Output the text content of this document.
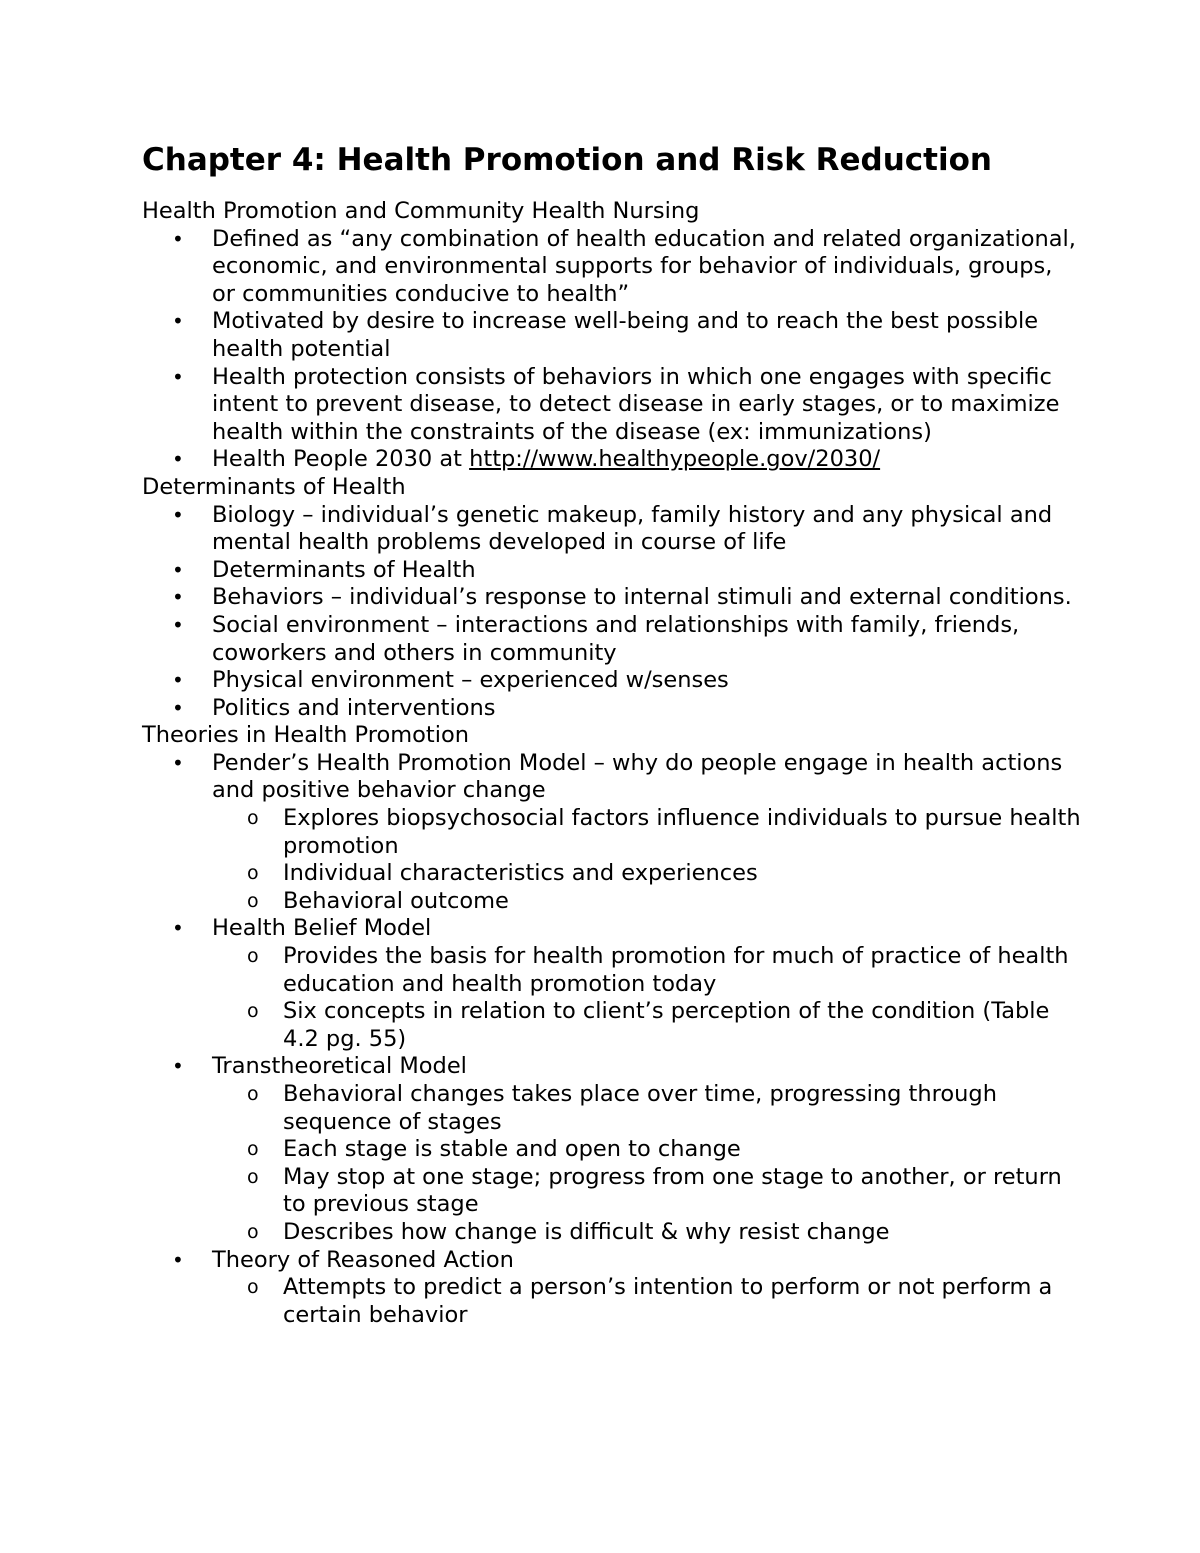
Chapter 4: Health Promotion and Risk Reduction

Health Promotion and Community Health Nursing

• Defined as “any combination of health education and related organizational, economic, and environmental supports for behavior of individuals, groups, or communities conducive to health”
• Motivated by desire to increase well-being and to reach the best possible health potential
• Health protection consists of behaviors in which one engages with specific intent to prevent disease, to detect disease in early stages, or to maximize health within the constraints of the disease (ex: immunizations)
• Health People 2030 at http://www.healthypeople.gov/2030/

Determinants of Health

• Biology – individual’s genetic makeup, family history and any physical and mental health problems developed in course of life
• Determinants of Health
• Behaviors – individual’s response to internal stimuli and external conditions.
• Social environment – interactions and relationships with family, friends, coworkers and others in community
• Physical environment – experienced w/senses
• Politics and interventions

Theories in Health Promotion

• Pender’s Health Promotion Model – why do people engage in health actions and positive behavior change
o Explores biopsychosocial factors influence individuals to pursue health promotion
o Individual characteristics and experiences
o Behavioral outcome
• Health Belief Model
o Provides the basis for health promotion for much of practice of health education and health promotion today
o Six concepts in relation to client’s perception of the condition (Table 4.2 pg. 55)
• Transtheoretical Model
o Behavioral changes takes place over time, progressing through sequence of stages
o Each stage is stable and open to change
o May stop at one stage; progress from one stage to another, or return to previous stage
o Describes how change is difficult & why resist change
• Theory of Reasoned Action
o Attempts to predict a person’s intention to perform or not perform a certain behavior
